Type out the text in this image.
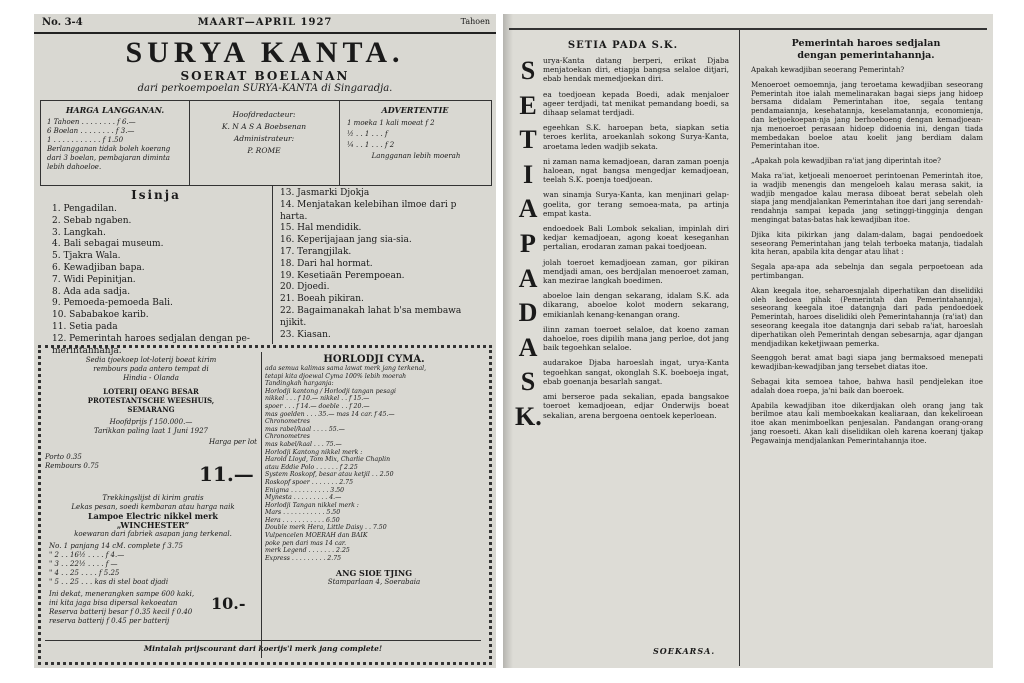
No. 3-4	MAART—APRIL 1927	Tahoen
SURYA KANTA.
SOERAT BOELANAN
dari perkoempoelan SURYA-KANTA di Singaradja.
HARGA LANGGANAN.
1 Tahoen . . . . . . . . f 6.—
6 Boelan . . . . . . . . f 3.—
1 . . . . . . . . . . . f 1.50
Berlangganan tidak boleh koerang
dari 3 boelan, pembajaran diminta
lebih dahoeloe.
Hoofdredacteur:
K. N A S A Boebsenan
Administrateur:
P. ROME
ADVERTENTIE
1 moeka 1 kali moeat f 2
½ . . 1 . . . f
¼ . . 1 . . . f 2
Langganan lebih moerah
Isinja
1. Pengadilan.
2. Sebab ngaben.
3. Langkah.
4. Bali sebagai museum.
5. Tjakra Wala.
6. Kewadjiban bapa.
7. Widi Pepinitjan.
8. Ada ada sadja.
9. Pemoeda-pemoeda Bali.
10. Sababakoe karib.
11. Setia pada
12. Pemerintah haroes sedjalan dengan pe-
merintahnanja.
13. Jasmarki Djokja
14. Menjatakan kelebihan ilmoe dari p
harta.
15. Hal mendidik.
16. Keperijajaan jang sia-sia.
17. Terangjilak.
18. Dari hal hormat.
19. Kesetiaän Perempoean.
20. Djoedi.
21. Boeah pikiran.
22. Bagaimanakah lahat b'sa membawa
njikit.
23. Kiasan.
Sedia tjoekoep lot-loterij boeat kirim
rembours pada antero tempat di
Hindia - Olanda
LOTERIJ OEANG BESAR
PROTESTANTSCHE WEESHUIS,
SEMARANG
Hoofdprijs f 150.000.—
Tarikkan paling laat 1 Juni 1927
Harga per lot
Porto 0.35
Rembours 0.75	11.—
Trekkingslijst di kirim gratis
Lekas pesan, soedi kembaran atau harga naik
Lampoe Electric nikkel merk
„WINCHESTER”
koewaran dari fabriek asapan jang terkenal.
No. 1 panjang 14 cM. complete f 3.75
" 2 . . 16½ . . . . f 4.—
" 3 . . 22½ . . . . f —
" 4 . . 25 . . . . f 5.25
" 5 . . 25 . . . kas di stel boat djadi
Ini dekat, menerangken sampe 600 kaki,
ini kita jaga bisa dipersal kekoeatan
Reserva batterij besar f 0.35 kecil f 0.40
reserva batterij f 0.45 per batterij
10.-
HORLODJI CYMA.
ada semua kalimas sama lawat merk jang terkenal,
tetapi kita djoewal Cyma 100% lebih moerah
Tandingkah harganja:
Horlodji kantong / Horlodji tangan pesagi
nikkel . . . f 10.— nikkel . . f 15.—
spoer . . . f 14.— doeble . . f 20.—
mas goelden . . . 35.— mas 14 car. f 45.—
Chronometres
mas rabel/kaal . . . . 55.—
Chronometres
mas kabel/kaal . . . 75.—
Horlodji Kantong nikkel merk :
Harold Lloyd, Tom Mix, Charlie Chaplin
atau Eddie Polo . . . . . . f 2.25
System Roskopf, besar atau ketjil . . 2.50
Roskopf spoer . . . . . . . 2.75
Enigma . . . . . . . . . . 3.50
Mynesta . . . . . . . . . 4.—
Horlodji Tangan nikkel merk :
Mars . . . . . . . . . . . 5.50
Hera . . . . . . . . . . . 6.50
Double merk Hera, Little Daisy . . 7.50
Vulpencelen MOERAH dan BAIK
poke pen dari mas 14 car.
merk Legend . . . . . . . 2.25
Express . . . . . . . . . 2.75
ANG SIOE TJING
Stamparlaan 4, Soerabaia
Mintalah prijscourant dari koerijs'l merk jang complete!
SETIA PADA S.K.
S
E
T
I
A
P
A
D
A
S
K.

urya-Kanta datang berperi, erikat Djaba menjatoekan diri, etiapja bangsa selaloe ditjari, ebab hendak memedjoekan diri.

ea toedjoean kepada Boedi, adak menjaloer ageer terdjadi, tat menikat pemandang boedi, sa dihaap selamat terdjadi.

egeehkan S.K. haroepan beta, siapkan setia teroes kerlita, aroekanlah sokong Surya-Kanta, aroetama leden wadjib sekata.

ni zaman nama kemadjoean, daran zaman poenja haloean, ngat bangsa mengedjar kemadjoean, teelah S.K. poenja toedjoean.

wan sinamja Surya-Kanta, kan menjinari gelap-goelita, gor terang semoea-mata, pa artinja empat kasta.

endoedoek Bali Lombok sekalian, impinlah diri kedjar kemadjoean, agong koeat keseganhan pertalian, erodaran zaman pakai toedjoean.

jolah toeroet kemadjoean zaman, gor pikiran mendjadi aman, oes berdjalan menoeroet zaman, kan mezirae langkah boedimen.

aboeloe lain dengan sekarang, idalam S.K. ada dikarang, aboeloe kolot modern sekarang, emikianlah kenang-kenangan orang.

ilinn zaman toeroet selaloe, dat koeno zaman dahoeloe, roes dipilih mana jang perloe, dot jang baik tegoehkan selaloe.

audarakoe Djaba haroeslah ingat, urya-Kanta tegoehkan sangat, okonglah S.K. boeboeja ingat, ebab goenanja besarlah sangat.

ami berseroe pada sekalian, epada bangsakoe toeroet kemadjoean, edjar Onderwijs boeat sekalian, arena bergoena oentoek keperloean.

SOEKARSA.
Pemerintah haroes sedjalan
dengan pemerintahannja.

Apakah kewadjiban seoerang Pemerintah?

Menoeroet oemoemnja, jang teroetama kewadjiban seseorang Pemerintah itoe ialah memelinarakan bagai sieps jang hidoep bersama didalam Pemerintahan itoe, segala tentang pendamaiannja, kesehatannja, keselamatannja, economienja, dan ketjoekoepan-nja jang berhoeboeng dengan kemadjoean-nja menoeroet perasaan hidoep didoenia ini, dengan tiada membedakan boeloe atau koelit jang berdiam dalam Pemerintahan itoe.

„Apakah pola kewadjiban ra'iat jang diperintah itoe?

Maka ra'iat, ketjoeali menoeroet perintoenan Pemerintah itoe, ia wadjib menengis dan mengeloeh kalau merasa sakit, ia wadjib mengadoe kalau merasa diboeat berat sebelah oleh siapa jang mendjalankan Pemerintahan itoe dari jang serendah-rendahnja sampai kepada jang setinggi-tingginja dengan mengingat batas-batas hak kewadjiban itoe.

Djika kita pikirkan jang dalam-dalam, bagai pendoedoek seseorang Pemerintahan jang telah terboeka matanja, tiadalah kita heran, apabila kita dengar atau lihat :

Segala apa-apa ada sebelnja dan segala perpoetoean ada pertimbangan.

Akan keegala itoe, seharoesnjalah diperhatikan dan diselidiki oleh kedoea pihak (Pemerintah dan Pemerintahannja), seseorang keegala itoe datangnja dari pada pendoedoek Pemerintah, haroes diselidiki oleh Pemerintahannja (ra'iat) dan seseorang keegala itoe datangnja dari sebab ra'iat, haroeslah diperhatikan oleh Pemerintah dengan sebesarnja, agar djangan mendjadikan keketjiwaan pemerka.

Seenggoh berat amat bagi siapa jang bermaksoed menepati kewadjiban-kewadjiban jang tersebet diatas itoe.

Sebagai kita semoea tahoe, bahwa hasil pendjelekan itoe adalah doea roepa, ja'ni baik dan boeroek.

Apabila kewadjiban itoe dikerdjakan oleh orang jang tak berilmoe atau kali memboekakan kealiaraan, dan kekeliroean itoe akan menimboelkan penjesalan. Pandangan orang-orang jang roesoeti. Akan kali diselidikan oleh karena koeranj tjakap Pegawainja mendjalankan Pemerintahannja itoe.
